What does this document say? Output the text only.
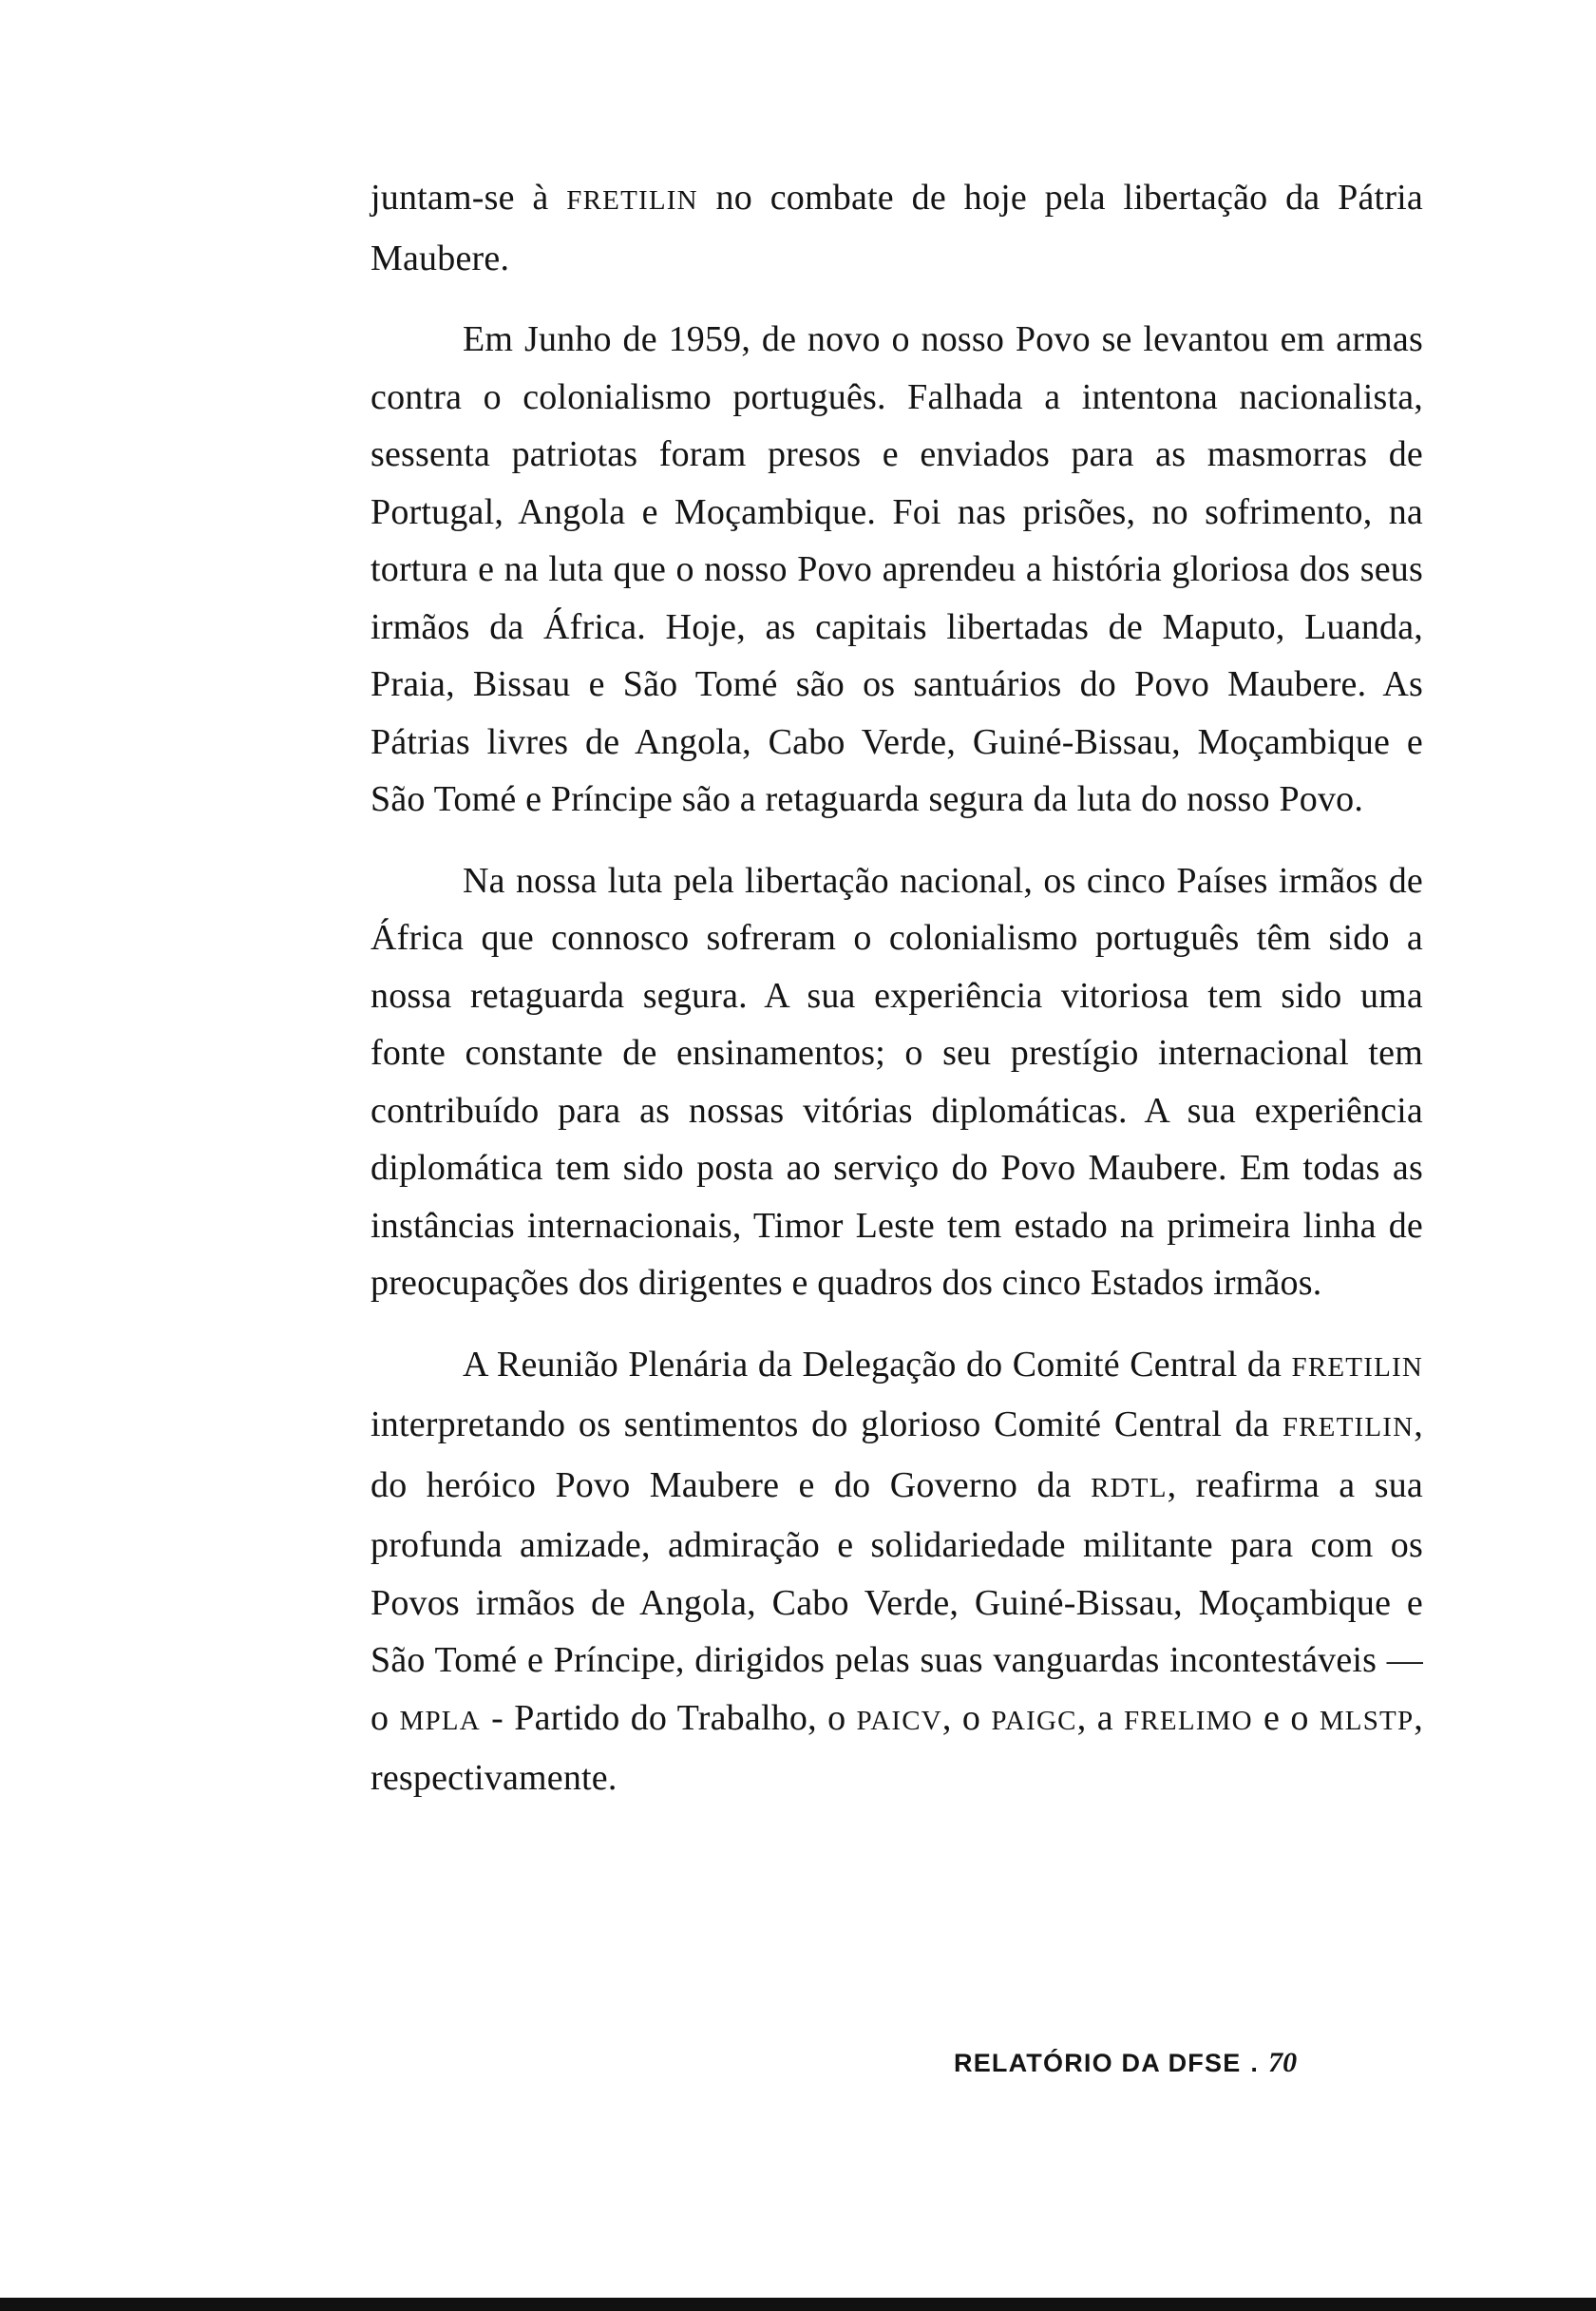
juntam-se à FRETILIN no combate de hoje pela libertação da Pátria Maubere.

Em Junho de 1959, de novo o nosso Povo se levantou em armas contra o colonialismo português. Falhada a intentona nacionalista, sessenta patriotas foram presos e enviados para as masmorras de Portugal, Angola e Moçambique. Foi nas prisões, no sofrimento, na tortura e na luta que o nosso Povo aprendeu a história gloriosa dos seus irmãos da África. Hoje, as capitais libertadas de Maputo, Luanda, Praia, Bissau e São Tomé são os santuários do Povo Maubere. As Pátrias livres de Angola, Cabo Verde, Guiné-Bissau, Moçambique e São Tomé e Príncipe são a retaguarda segura da luta do nosso Povo.

Na nossa luta pela libertação nacional, os cinco Países irmãos de África que connosco sofreram o colonialismo português têm sido a nossa retaguarda segura. A sua experiência vitoriosa tem sido uma fonte constante de ensinamentos; o seu prestígio internacional tem contribuído para as nossas vitórias diplomáticas. A sua experiência diplomática tem sido posta ao serviço do Povo Maubere. Em todas as instâncias internacionais, Timor Leste tem estado na primeira linha de preocupações dos dirigentes e quadros dos cinco Estados irmãos.

A Reunião Plenária da Delegação do Comité Central da FRETILIN interpretando os sentimentos do glorioso Comité Central da FRETILIN, do heróico Povo Maubere e do Governo da RDTL, reafirma a sua profunda amizade, admiração e solidariedade militante para com os Povos irmãos de Angola, Cabo Verde, Guiné-Bissau, Moçambique e São Tomé e Príncipe, dirigidos pelas suas vanguardas incontestáveis — o MPLA - Partido do Trabalho, o PAICV, o PAIGC, a FRELIMO e o MLSTP, respectivamente.

RELATÓRIO DA DFSE . 70
